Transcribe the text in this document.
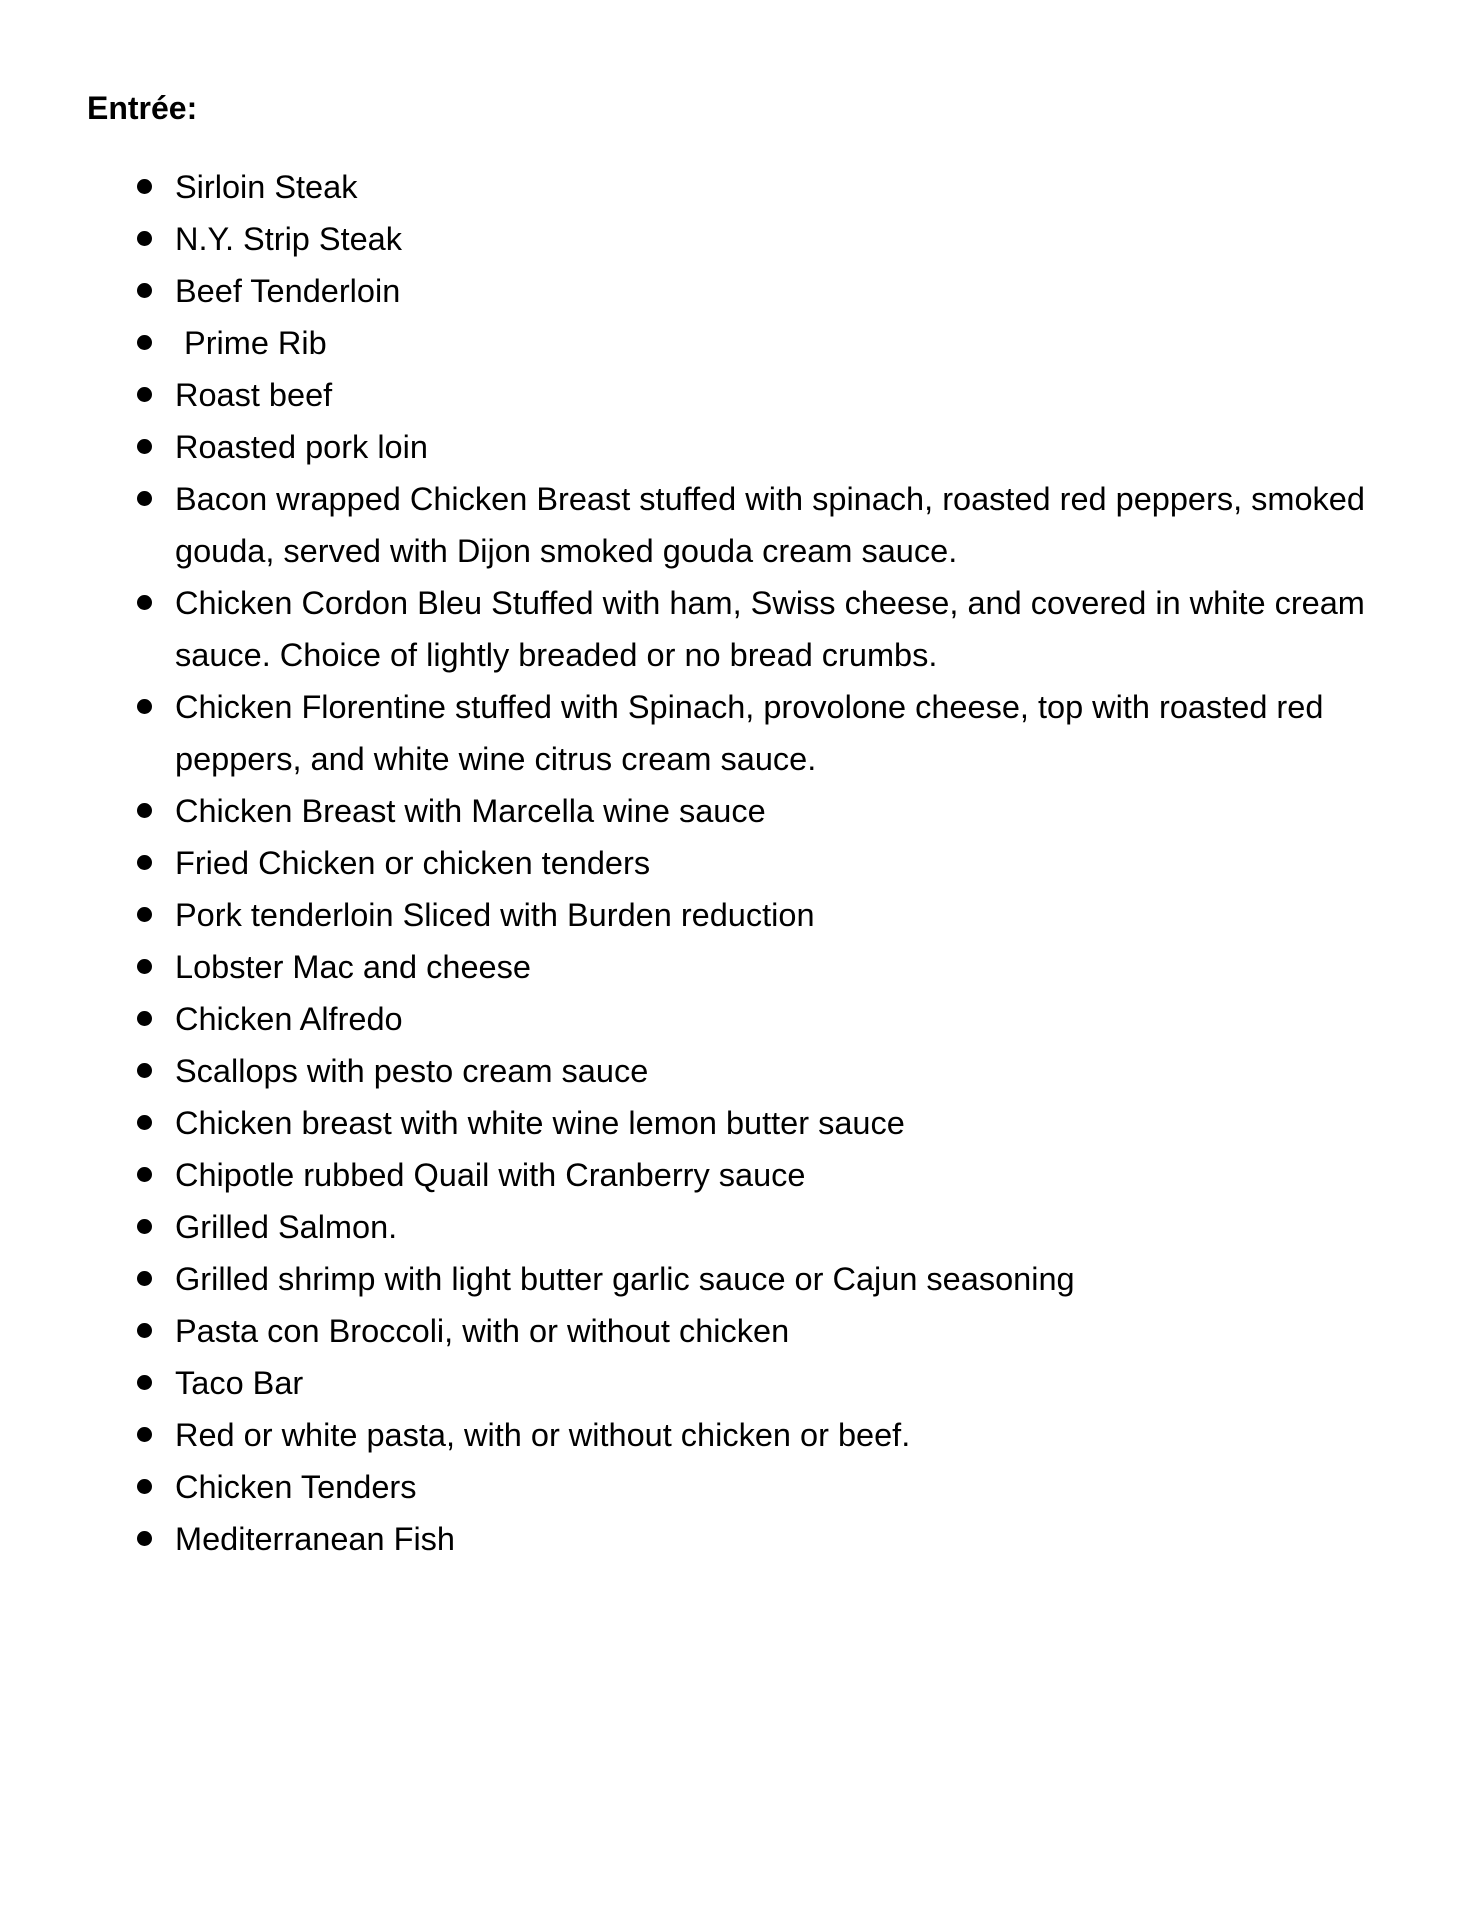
Entrée:
Sirloin Steak
N.Y. Strip Steak
Beef Tenderloin
Prime Rib
Roast beef
Roasted pork loin
Bacon wrapped Chicken Breast stuffed with spinach, roasted red peppers, smoked gouda, served with Dijon smoked gouda cream sauce.
Chicken Cordon Bleu Stuffed with ham, Swiss cheese, and covered in white cream sauce. Choice of lightly breaded or no bread crumbs.
Chicken Florentine stuffed with Spinach, provolone cheese, top with roasted red peppers, and white wine citrus cream sauce.
Chicken Breast with Marcella wine sauce
Fried Chicken or chicken tenders
Pork tenderloin Sliced with Burden reduction
Lobster Mac and cheese
Chicken Alfredo
Scallops with pesto cream sauce
Chicken breast with white wine lemon butter sauce
Chipotle rubbed Quail with Cranberry sauce
Grilled Salmon.
Grilled shrimp with light butter garlic sauce or Cajun seasoning
Pasta con Broccoli, with or without chicken
Taco Bar
Red or white pasta, with or without chicken or beef.
Chicken Tenders
Mediterranean Fish
